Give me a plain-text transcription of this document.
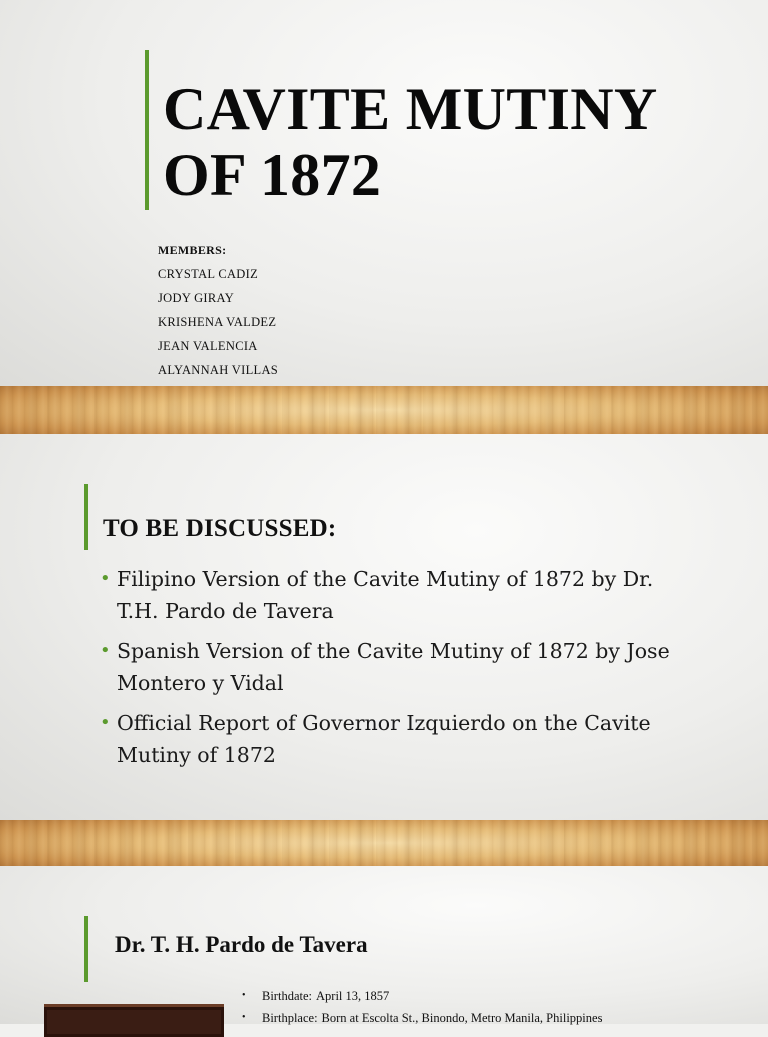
CAVITE MUTINY
OF 1872
MEMBERS:
CRYSTAL CADIZ
JODY GIRAY
KRISHENA VALDEZ
JEAN VALENCIA
ALYANNAH VILLAS
TO BE DISCUSSED:
• Filipino Version of the Cavite Mutiny of 1872 by Dr. T.H. Pardo de Tavera
• Spanish Version of the Cavite Mutiny of 1872 by Jose Montero y Vidal
• Official Report of Governor Izquierdo on the Cavite Mutiny of 1872
Dr. T. H. Pardo de Tavera
• Birthdate: April 13, 1857
• Birthplace: Born at Escolta St., Binondo, Metro Manila, Philippines
